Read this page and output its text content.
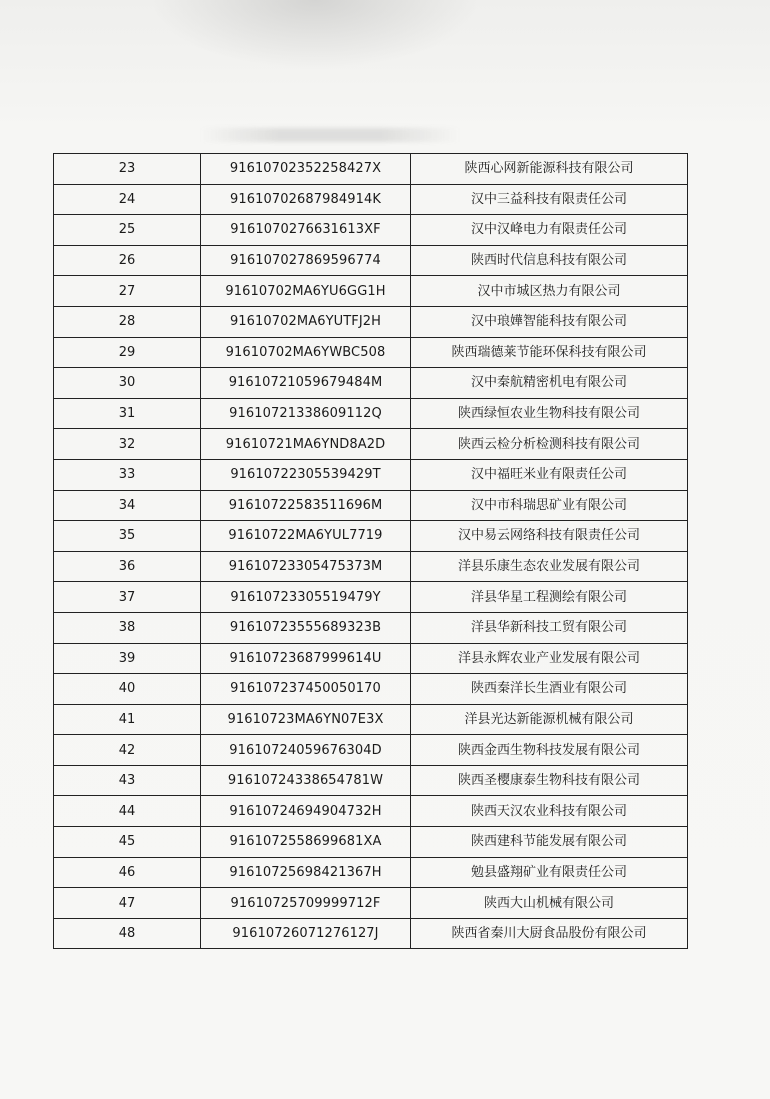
23	91610702352258427X	陕西心网新能源科技有限公司
24	91610702687984914K	汉中三益科技有限责任公司
25	9161070276631613XF	汉中汉峰电力有限责任公司
26	916107027869596774	陕西时代信息科技有限公司
27	91610702MA6YU6GG1H	汉中市城区热力有限公司
28	91610702MA6YUTFJ2H	汉中琅嬅智能科技有限公司
29	91610702MA6YWBC508	陕西瑞德莱节能环保科技有限公司
30	91610721059679484M	汉中秦航精密机电有限公司
31	91610721338609112Q	陕西绿恒农业生物科技有限公司
32	91610721MA6YND8A2D	陕西云检分析检测科技有限公司
33	91610722305539429T	汉中福旺米业有限责任公司
34	91610722583511696M	汉中市科瑞思矿业有限公司
35	91610722MA6YUL7719	汉中易云网络科技有限责任公司
36	91610723305475373M	洋县乐康生态农业发展有限公司
37	91610723305519479Y	洋县华星工程测绘有限公司
38	91610723555689323B	洋县华新科技工贸有限公司
39	91610723687999614U	洋县永辉农业产业发展有限公司
40	916107237450050170	陕西秦洋长生酒业有限公司
41	91610723MA6YN07E3X	洋县光达新能源机械有限公司
42	91610724059676304D	陕西金西生物科技发展有限公司
43	91610724338654781W	陕西圣樱康泰生物科技有限公司
44	91610724694904732H	陕西天汉农业科技有限公司
45	9161072558699681XA	陕西建科节能发展有限公司
46	91610725698421367H	勉县盛翔矿业有限责任公司
47	91610725709999712F	陕西大山机械有限公司
48	91610726071276127J	陕西省秦川大厨食品股份有限公司
